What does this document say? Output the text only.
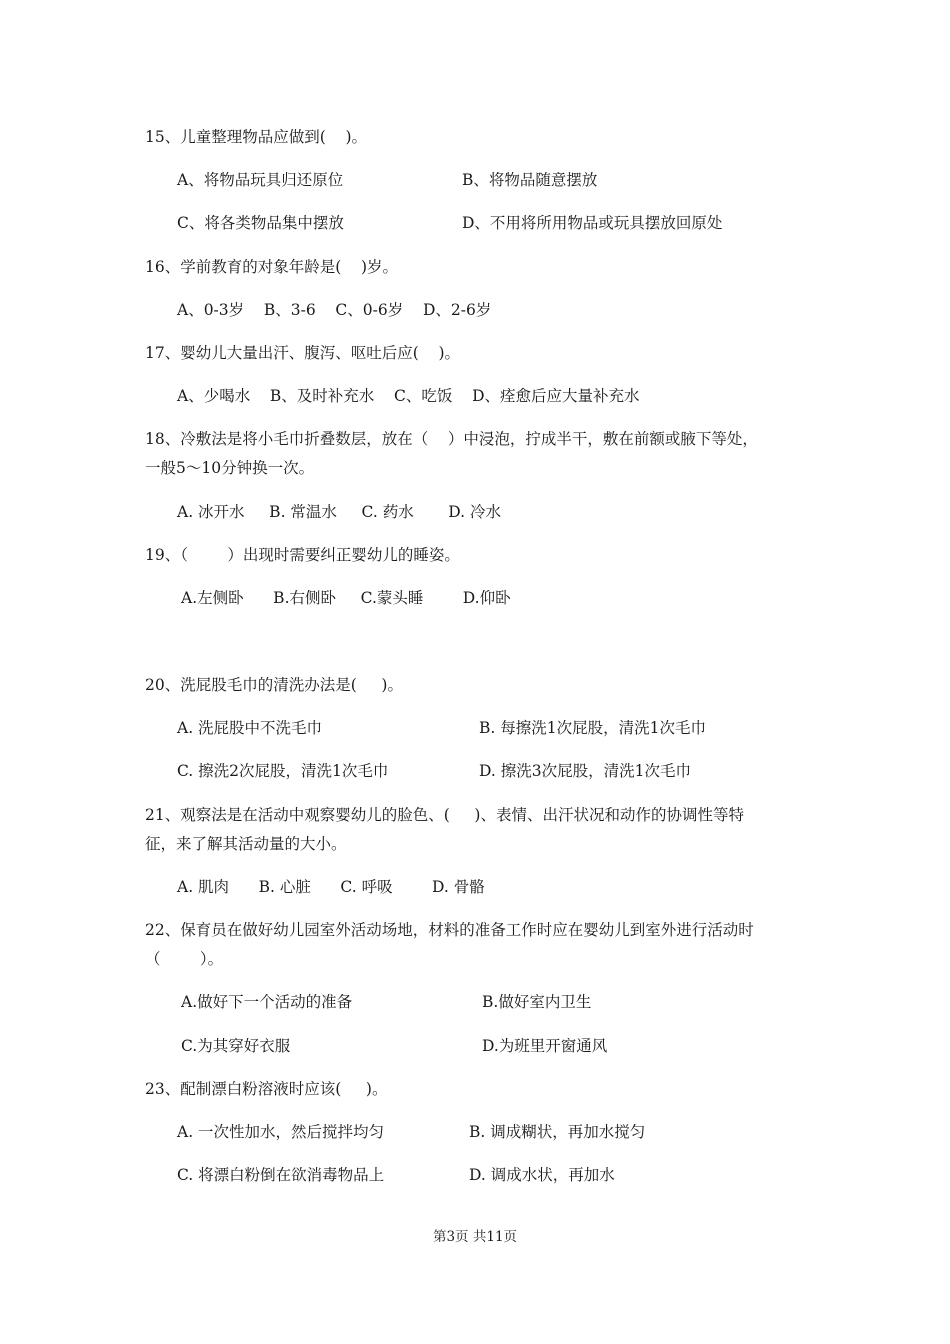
15、儿童整理物品应做到(    )。
A、将物品玩具归还原位	B、将物品随意摆放
C、将各类物品集中摆放	D、不用将所用物品或玩具摆放回原处
16、学前教育的对象年龄是(    )岁。
A、0-3岁    B、3-6    C、0-6岁    D、2-6岁
17、婴幼儿大量出汗、腹泻、呕吐后应(    )。
A、少喝水    B、及时补充水    C、吃饭    D、痊愈后应大量补充水
18、冷敷法是将小毛巾折叠数层，放在（    ）中浸泡，拧成半干，敷在前额或腋下等处，
一般5～10分钟换一次。
A. 冰开水     B. 常温水     C. 药水       D. 冷水
19、（        ）出现时需要纠正婴幼儿的睡姿。
A.左侧卧      B.右侧卧     C.蒙头睡        D.仰卧
20、洗屁股毛巾的清洗办法是(     )。
A. 洗屁股中不洗毛巾	B. 每擦洗1次屁股，清洗1次毛巾
C. 擦洗2次屁股，清洗1次毛巾	D. 擦洗3次屁股，清洗1次毛巾
21、观察法是在活动中观察婴幼儿的脸色、(     )、表情、出汗状况和动作的协调性等特
征，来了解其活动量的大小。
A. 肌肉      B. 心脏      C. 呼吸        D. 骨骼
22、保育员在做好幼儿园室外活动场地，材料的准备工作时应在婴幼儿到室外进行活动时
（        ）。
A.做好下一个活动的准备	B.做好室内卫生
C.为其穿好衣服	D.为班里开窗通风
23、配制漂白粉溶液时应该(     )。
A. 一次性加水，然后搅拌均匀	B. 调成糊状，再加水搅匀
C. 将漂白粉倒在欲消毒物品上	D. 调成水状，再加水
第3页 共11页
